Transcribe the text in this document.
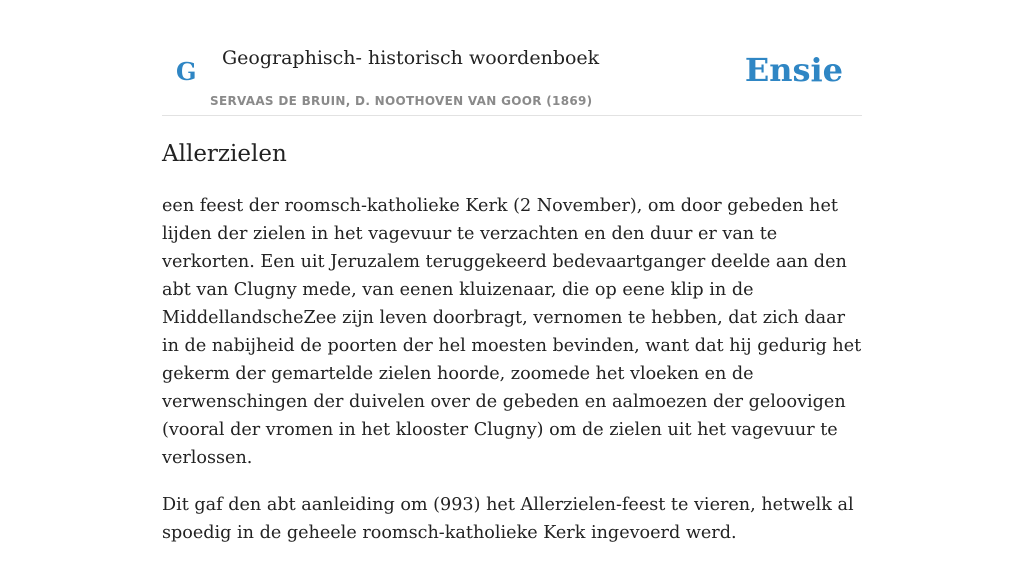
G Geographisch- historisch woordenboek
SERVAAS DE BRUIN, D. NOOTHOVEN VAN GOOR (1869)
Ensie
Allerzielen

een feest der roomsch-katholieke Kerk (2 November), om door gebeden het lijden der zielen in het vagevuur te verzachten en den duur er van te verkorten. Een uit Jeruzalem teruggekeerd bedevaartganger deelde aan den abt van Clugny mede, van eenen kluizenaar, die op eene klip in de MiddellandscheZee zijn leven doorbragt, vernomen te hebben, dat zich daar in de nabijheid de poorten der hel moesten bevinden, want dat hij gedurig het gekerm der gemartelde zielen hoorde, zoomede het vloeken en de verwenschingen der duivelen over de gebeden en aalmoezen der geloovigen (vooral der vromen in het klooster Clugny) om de zielen uit het vagevuur te verlossen.

Dit gaf den abt aanleiding om (993) het Allerzielen-feest te vieren, hetwelk al spoedig in de geheele roomsch-katholieke Kerk ingevoerd werd.
